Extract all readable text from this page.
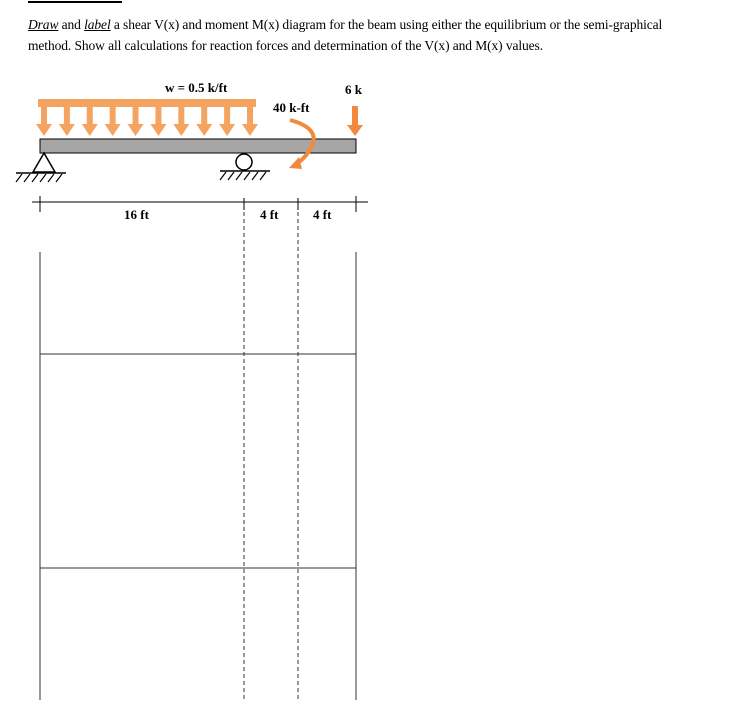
Draw and label a shear V(x) and moment M(x) diagram for the beam using either the equilibrium or the semi-graphical
method. Show all calculations for reaction forces and determination of the V(x) and M(x) values.
w = 0.5 k/ft
40 k-ft
6 k
16 ft	4 ft	4 ft
